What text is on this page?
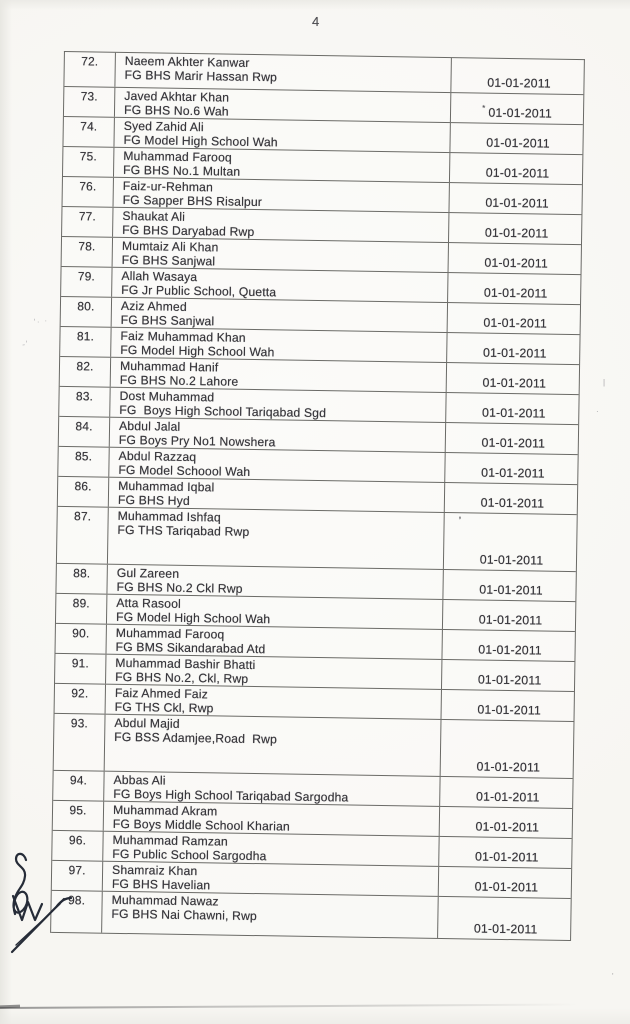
4
72.	Naeem Akhter Kanwar
FG BHS Marir Hassan Rwp	01-01-2011
73.	Javed Akhtar Khan
FG BHS No.6 Wah	* 01-01-2011
74.	Syed Zahid Ali
FG Model High School Wah	01-01-2011
75.	Muhammad Farooq
FG BHS No.1 Multan	01-01-2011
76.	Faiz-ur-Rehman
FG Sapper BHS Risalpur	01-01-2011
77.	Shaukat Ali
FG BHS Daryabad Rwp	01-01-2011
78.	Mumtaiz Ali Khan
FG BHS Sanjwal	01-01-2011
79.	Allah Wasaya
FG Jr Public School, Quetta	01-01-2011
80.	Aziz Ahmed
FG BHS Sanjwal	01-01-2011
81.	Faiz Muhammad Khan
FG Model High School Wah	01-01-2011
82.	Muhammad Hanif
FG BHS No.2 Lahore	01-01-2011
83.	Dost Muhammad
FG  Boys High School Tariqabad Sgd	01-01-2011
84.	Abdul Jalal
FG Boys Pry No1 Nowshera	01-01-2011
85.	Abdul Razzaq
FG Model Schoool Wah	01-01-2011
86.	Muhammad Iqbal
FG BHS Hyd	01-01-2011
87.	Muhammad Ishfaq
FG THS Tariqabad Rwp
’
01-01-2011
88.	Gul Zareen
FG BHS No.2 Ckl Rwp	01-01-2011
89.	Atta Rasool
FG Model High School Wah	01-01-2011
90.	Muhammad Farooq
FG BMS Sikandarabad Atd	01-01-2011
91.	Muhammad Bashir Bhatti
FG BHS No.2, Ckl, Rwp	01-01-2011
92.	Faiz Ahmed Faiz
FG THS Ckl, Rwp	01-01-2011
93.	Abdul Majid
FG BSS Adamjee,Road  Rwp
01-01-2011
94.	Abbas Ali
FG Boys High School Tariqabad Sargodha	01-01-2011
95.	Muhammad Akram
FG Boys Middle School Kharian	01-01-2011
96.	Muhammad Ramzan
FG Public School Sargodha	01-01-2011
97.	Shamraiz Khan
FG BHS Havelian	01-01-2011
98.	Muhammad Nawaz
FG BHS Nai Chawni, Rwp
01-01-2011
'· ·
-'
|
·
'
